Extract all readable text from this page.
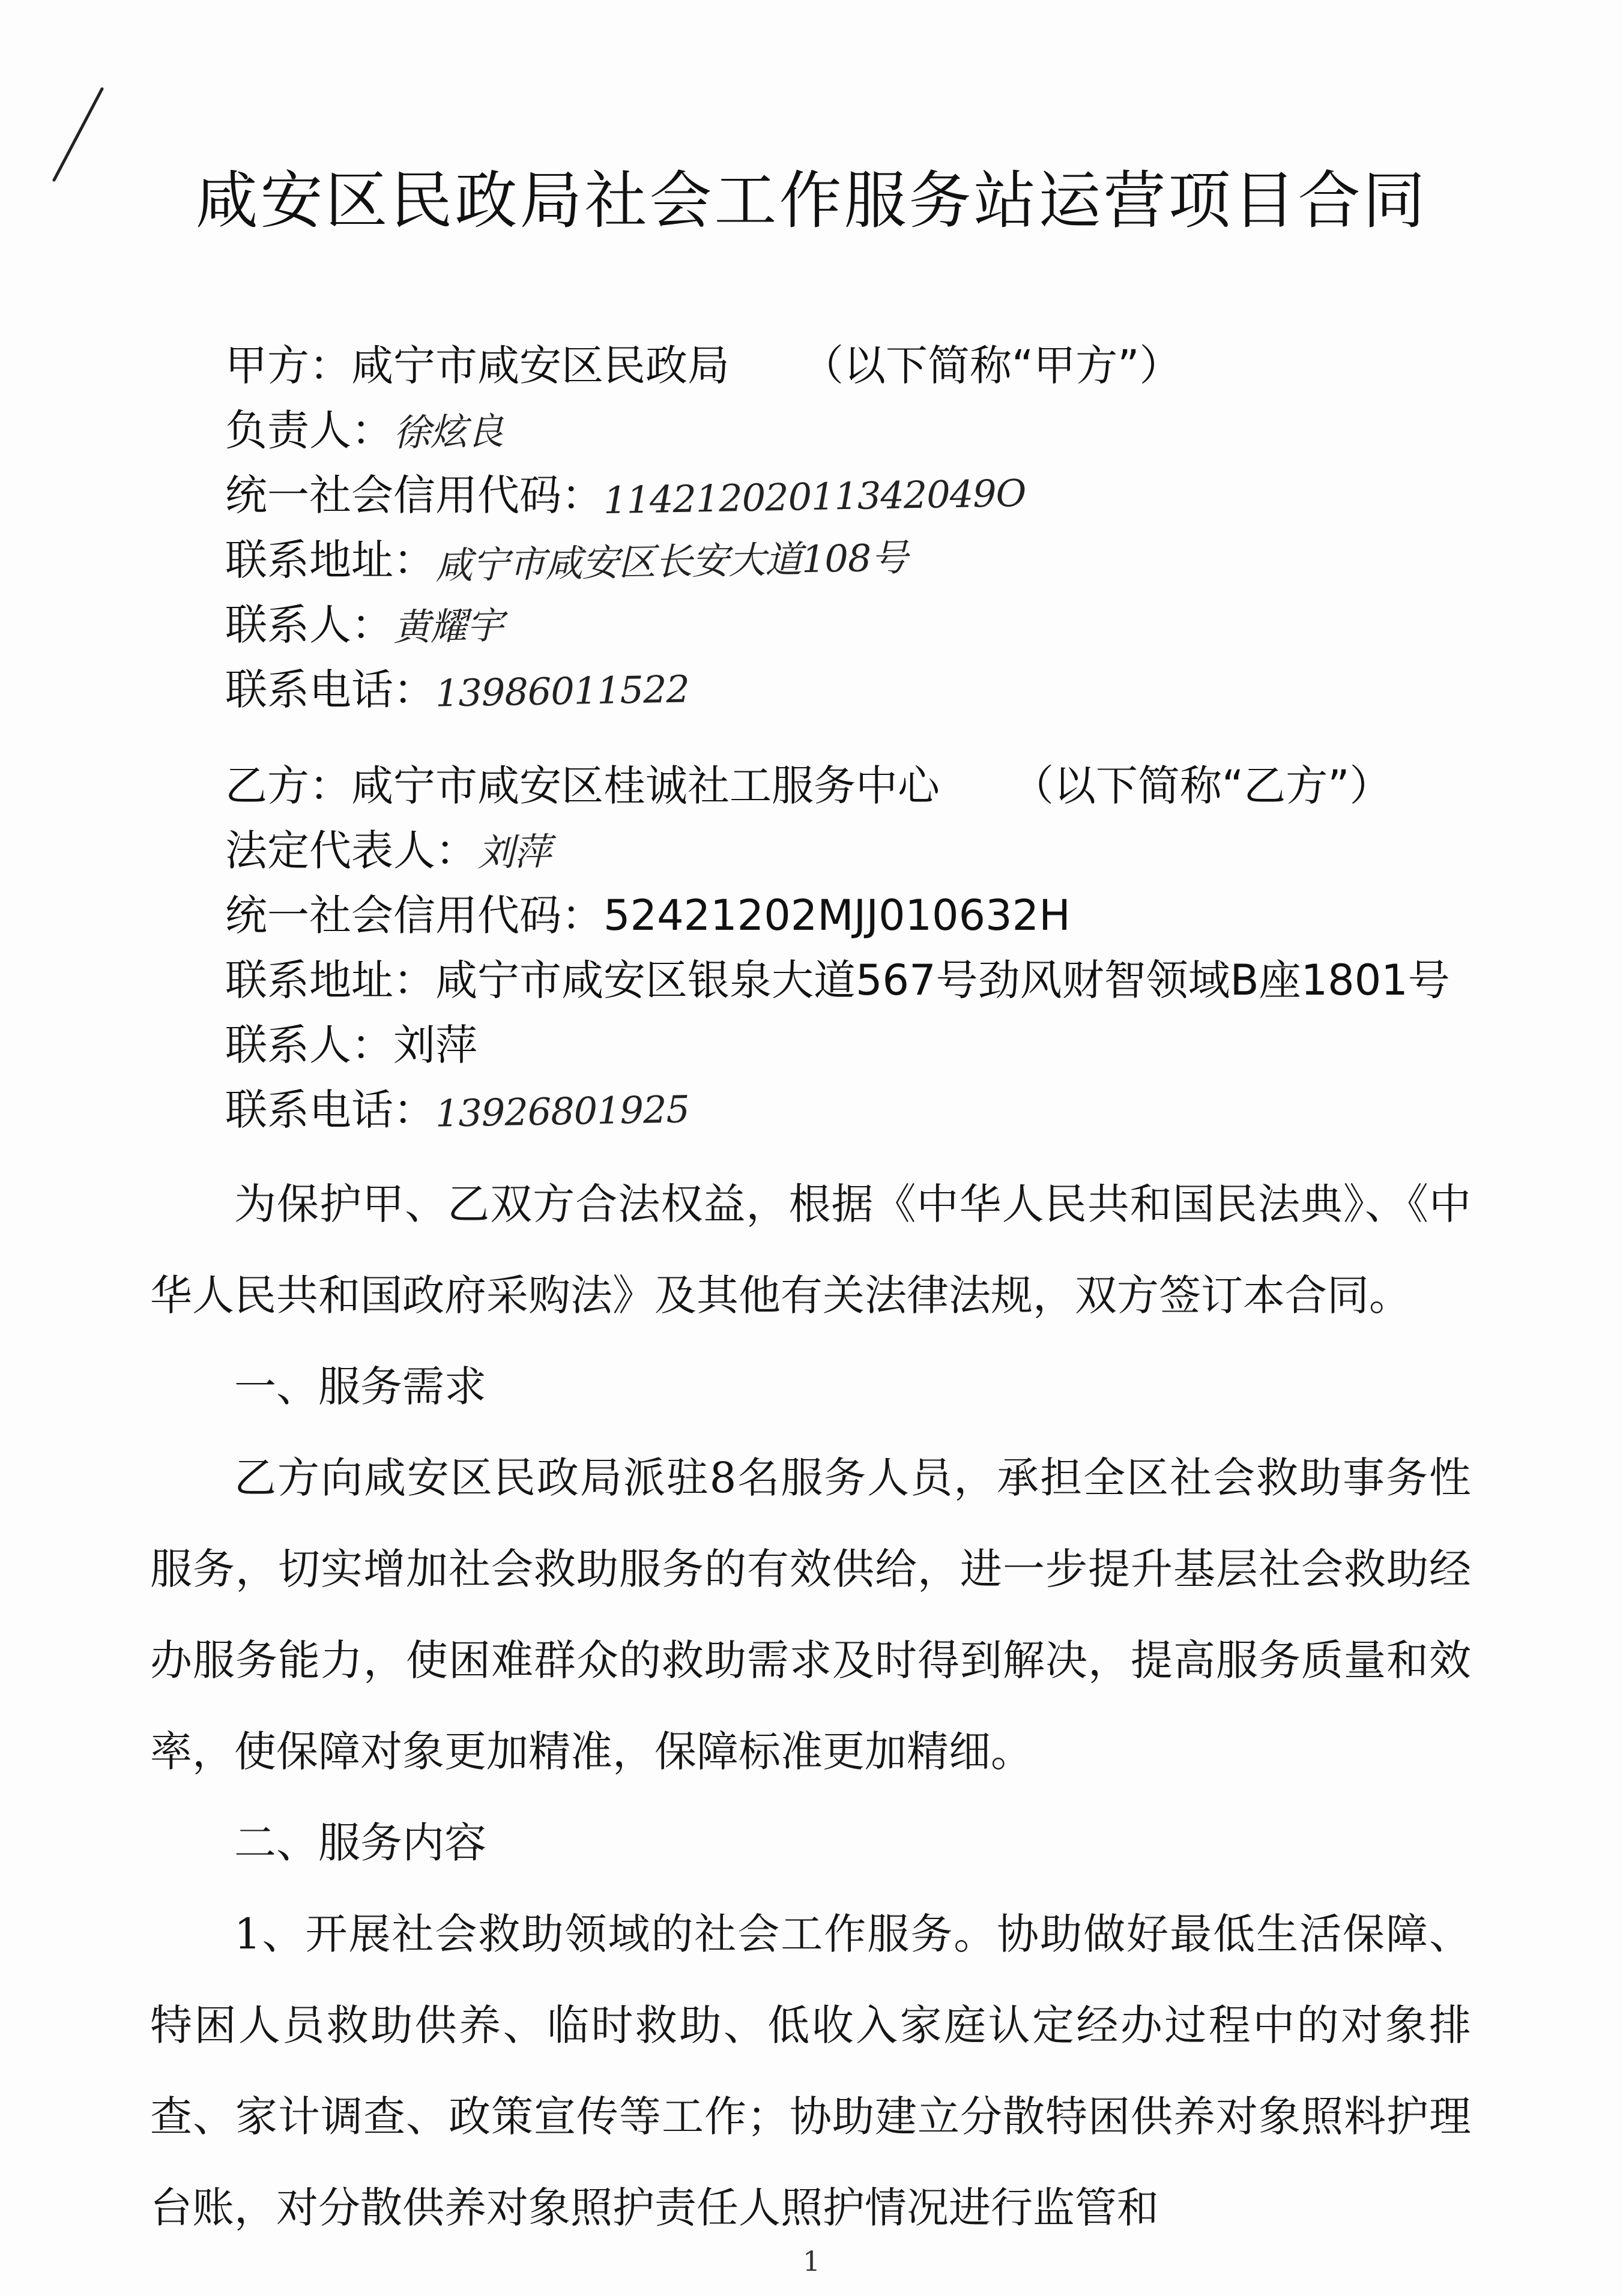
咸安区民政局社会工作服务站运营项目合同
甲方：咸宁市咸安区民政局 （以下简称“甲方”）
负责人：徐炫良
统一社会信用代码：11421202011342049O
联系地址：咸宁市咸安区长安大道108号
联系人：黄耀宇
联系电话：13986011522
乙方：咸宁市咸安区桂诚社工服务中心 （以下简称“乙方”）
法定代表人：刘萍
统一社会信用代码：52421202MJJ010632H
联系地址：咸宁市咸安区银泉大道567号劲风财智领域B座1801号
联系人：刘萍
联系电话：13926801925

为保护甲、乙双方合法权益，根据《中华人民共和国民法典》、《中华人民共和国政府采购法》及其他有关法律法规，双方签订本合同。

一、服务需求

乙方向咸安区民政局派驻8名服务人员，承担全区社会救助事务性服务，切实增加社会救助服务的有效供给，进一步提升基层社会救助经办服务能力，使困难群众的救助需求及时得到解决，提高服务质量和效率，使保障对象更加精准，保障标准更加精细。

二、服务内容

1、开展社会救助领域的社会工作服务。协助做好最低生活保障、特困人员救助供养、临时救助、低收入家庭认定经办过程中的对象排查、家计调查、政策宣传等工作；协助建立分散特困供养对象照料护理台账，对分散供养对象照护责任人照护情况进行监管和

1
